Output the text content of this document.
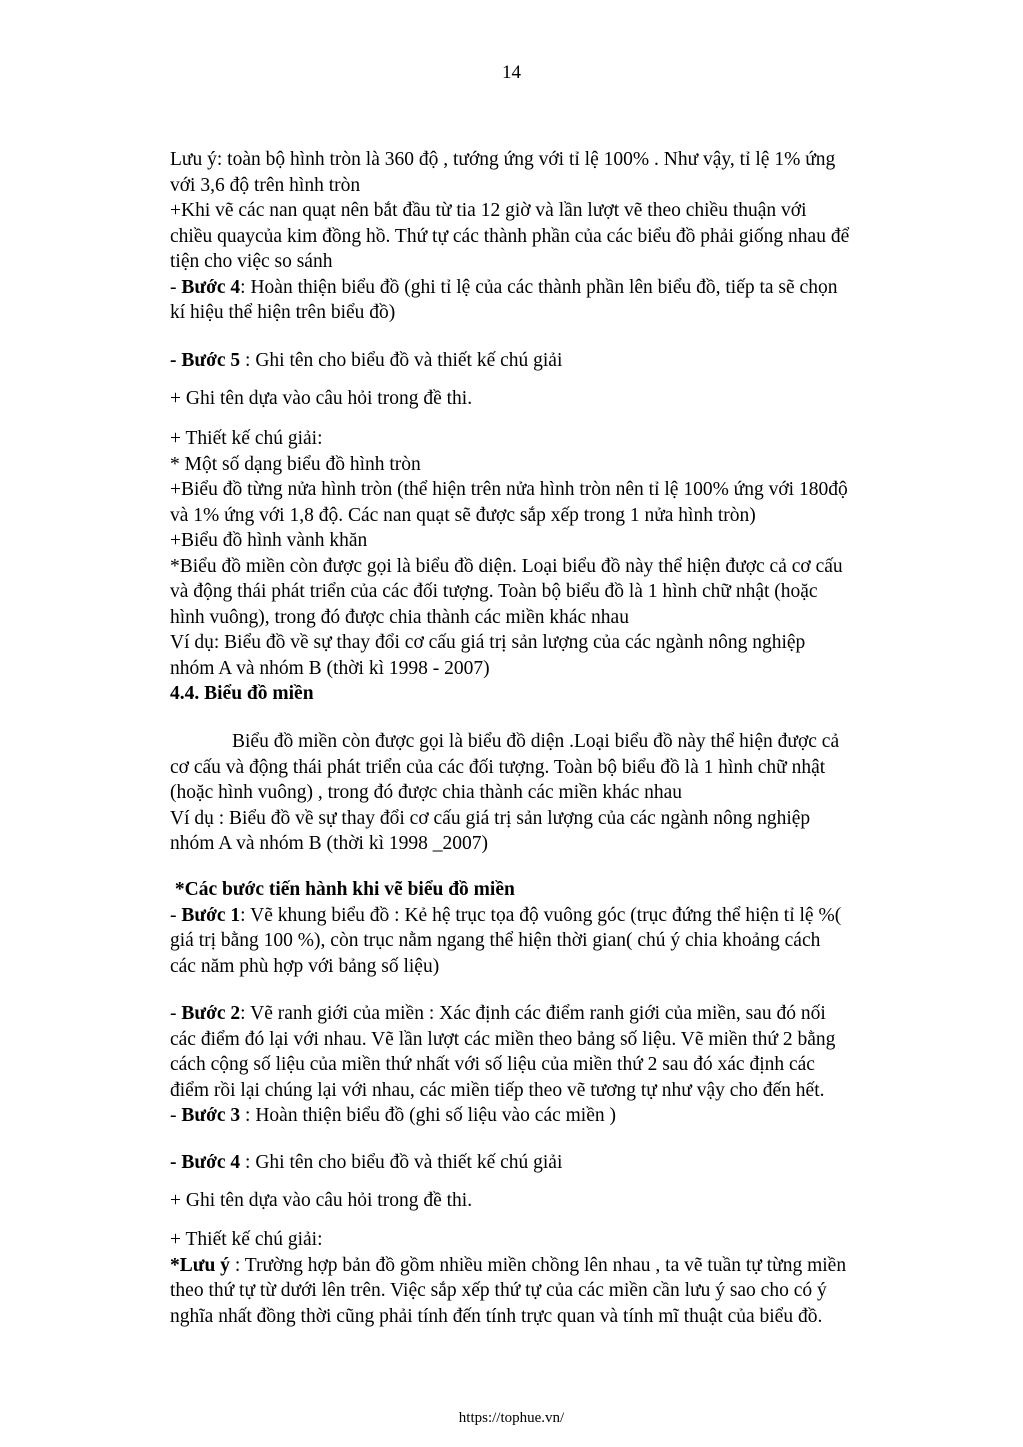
14
Lưu ý: toàn bộ hình tròn là 360 độ , tướng ứng với tỉ lệ 100% . Như vậy, tỉ lệ 1% ứng
với 3,6 độ trên hình tròn
+Khi vẽ các nan quạt nên bắt đầu từ tia 12 giờ và lần lượt vẽ theo chiều thuận với
chiều quaycủa kim đồng hồ. Thứ tự các thành phần của các biểu đồ phải giống nhau để
tiện cho việc so sánh
- Bước 4: Hoàn thiện biểu đồ (ghi tỉ lệ của các thành phần lên biểu đồ, tiếp ta sẽ chọn
kí hiệu thể hiện trên biểu đồ)
- Bước 5 : Ghi tên cho biểu đồ và thiết kế chú giải
+ Ghi tên dựa vào câu hỏi trong đề thi.
+ Thiết kế chú giải:
* Một số dạng biểu đồ hình tròn
+Biểu đồ từng nửa hình tròn (thể hiện trên nửa hình tròn nên tỉ lệ 100% ứng với 180độ
và 1% ứng với 1,8 độ. Các nan quạt sẽ được sắp xếp trong 1 nửa hình tròn)
+Biểu đồ hình vành khăn
*Biểu đồ miền còn được gọi là biểu đồ diện. Loại biểu đồ này thể hiện được cả cơ cấu
và động thái phát triển của các đối tượng. Toàn bộ biểu đồ là 1 hình chữ nhật (hoặc
hình vuông), trong đó được chia thành các miền khác nhau
Ví dụ: Biểu đồ về sự thay đổi cơ cấu giá trị sản lượng của các ngành nông nghiệp
nhóm A và nhóm B (thời kì 1998 - 2007)
4.4. Biểu đồ miền
Biểu đồ miền còn được gọi là biểu đồ diện .Loại biểu đồ này thể hiện được cả
cơ cấu và động thái phát triển của các đối tượng. Toàn bộ biểu đồ là 1 hình chữ nhật
(hoặc hình vuông) , trong đó được chia thành các miền khác nhau
Ví dụ : Biểu đồ về sự thay đổi cơ cấu giá trị sản lượng của các ngành nông nghiệp
nhóm A và nhóm B (thời kì 1998 _2007)
*Các bước tiến hành khi vẽ biểu đồ miền
- Bước 1: Vẽ khung biểu đồ : Kẻ hệ trục tọa độ vuông góc (trục đứng thể hiện tỉ lệ %(
giá trị bằng 100 %), còn trục nằm ngang thể hiện thời gian( chú ý chia khoảng cách
các năm phù hợp với bảng số liệu)
- Bước 2: Vẽ ranh giới của miền : Xác định các điểm ranh giới của miền, sau đó nối
các điểm đó lại với nhau. Vẽ lần lượt các miền theo bảng số liệu. Vẽ miền thứ 2 bằng
cách cộng số liệu của miền thứ nhất với số liệu của miền thứ 2 sau đó xác định các
điểm rồi lại chúng lại với nhau, các miền tiếp theo vẽ tương tự như vậy cho đến hết.
- Bước 3 : Hoàn thiện biểu đồ (ghi số liệu vào các miền )
- Bước 4 : Ghi tên cho biểu đồ và thiết kế chú giải
+ Ghi tên dựa vào câu hỏi trong đề thi.
+ Thiết kế chú giải:
*Lưu ý : Trường hợp bản đồ gồm nhiều miền chồng lên nhau , ta vẽ tuần tự từng miền
theo thứ tự từ dưới lên trên. Việc sắp xếp thứ tự của các miền cần lưu ý sao cho có ý
nghĩa nhất đồng thời cũng phải tính đến tính trực quan và tính mĩ thuật của biểu đồ.
https://tophue.vn/
